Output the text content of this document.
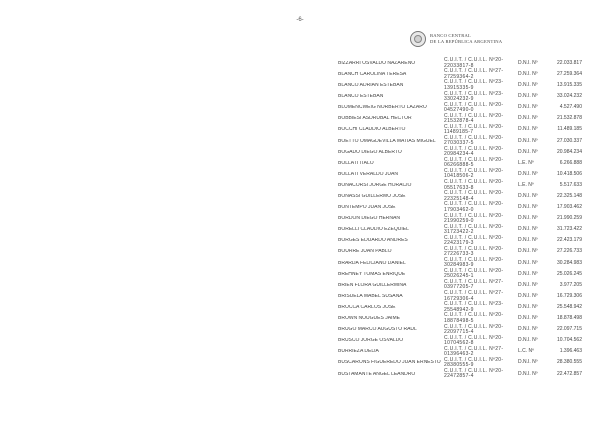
-6-
BANCO CENTRAL
DE LA REPÚBLICA ARGENTINA
BIZZARRI OSVALDO NAZARENO	C.U.I.T. / C.U.I.L. Nº20-
22033817-8	D.N.I. Nº	22.033.817
BLANCH CAROLINA TERESA	C.U.I.T. / C.U.I.L. Nº27-
27259364-2	D.N.I. Nº	27.259.364
BLANCO ADRIAN ESTEBAN	C.U.I.T. / C.U.I.L. Nº23-
13915335-9	D.N.I. Nº	13.915.335
BLANCO ESTEBAN	C.U.I.T. / C.U.I.L. Nº23-
33024232-9	D.N.I. Nº	33.024.232
BLUMENCWEIG NORBERTO LAZARO	C.U.I.T. / C.U.I.L. Nº20-
04527490-0	D.N.I. Nº	4.527.490
BOBBIESI ASDRUBAL HECTOR	C.U.I.T. / C.U.I.L. Nº20-
21532878-4	D.N.I. Nº	21.532.878
BOCCHI CLAUDIO ALBERTO	C.U.I.T. / C.U.I.L. Nº20-
11489185-7	D.N.I. Nº	11.489.185
BOETTO OMAGDEVILLA MATIAS MIGUEL	C.U.I.T. / C.U.I.L. Nº20-
27030337-5	D.N.I. Nº	27.030.337
BOGADO DIEGO ALBERTO	C.U.I.T. / C.U.I.L. Nº20-
20984234-4	D.N.I. Nº	20.984.234
BOLLATI ITALO	C.U.I.T. / C.U.I.L. Nº20-
06266888-5	L.E. Nº	6.266.888
BOLLATI VERALDO JUAN	C.U.I.T. / C.U.I.L. Nº20-
10418506-2	D.N.I. Nº	10.418.506
BONACORSI JORGE HORACIO	C.U.I.T. / C.U.I.L. Nº20-
05517633-8	L.E. Nº	5.517.633
BONASSI GUILLERMO JOSE	C.U.I.T. / C.U.I.L. Nº20-
22325148-4	D.N.I. Nº	22.325.148
BONTEMPO JUAN JOSE	C.U.I.T. / C.U.I.L. Nº20-
17903462-0	D.N.I. Nº	17.903.462
BORDON DIEGO HERNAN	C.U.I.T. / C.U.I.L. Nº20-
21990259-0	D.N.I. Nº	21.990.259
BORELLI CLAUDIO EZEQUIEL	C.U.I.T. / C.U.I.L. Nº20-
31723422-2	D.N.I. Nº	31.723.422
BORGES EDUARDO ANDRES	C.U.I.T. / C.U.I.L. Nº20-
22423179-3	D.N.I. Nº	22.423.179
BOURRE JUAN PABLO	C.U.I.T. / C.U.I.L. Nº20-
27226733-3	D.N.I. Nº	27.226.733
BRARDA FELICIANO DANIEL	C.U.I.T. / C.U.I.L. Nº20-
30284983-9	D.N.I. Nº	30.284.983
BREHNEY TOMAS ENRIQUE	C.U.I.T. / C.U.I.L. Nº20-
25026245-1	D.N.I. Nº	25.026.245
BRIEN FLORA GUILLERMINA	C.U.I.T. / C.U.I.L. Nº27-
03977205-7	D.N.I. Nº	3.977.205
BRISUELA MABEL SUSANA	C.U.I.T. / C.U.I.L. Nº27-
16729306-4	D.N.I. Nº	16.729.306
BROCCA CARLOS JOSE	C.U.I.T. / C.U.I.L. Nº23-
25548942-9	D.N.I. Nº	25.548.942
BROWN NOUGUES JAIME	C.U.I.T. / C.U.I.L. Nº20-
18878498-5	D.N.I. Nº	18.878.498
BRUGO MARCO AUGUSTO RAUL	C.U.I.T. / C.U.I.L. Nº20-
22097715-4	D.N.I. Nº	22.097.715
BRUSCO JORGE OSVALDO	C.U.I.T. / C.U.I.L. Nº20-
10704562-8	D.N.I. Nº	10.704.562
BURRIEZA DELIA	C.U.I.T. / C.U.I.L. Nº27-
01396463-2	L.C. Nº	1.396.463
BUSCARONS FIGUEREDO JUAN ERNESTO C.U.I.T. / C.U.I.L. Nº20-
28380555-9	D.N.I. Nº	28.380.555
BUSTAMANTE ANGEL LEANDRO	C.U.I.T. / C.U.I.L. Nº20-
22472857-4	D.N.I. Nº	22.472.857
